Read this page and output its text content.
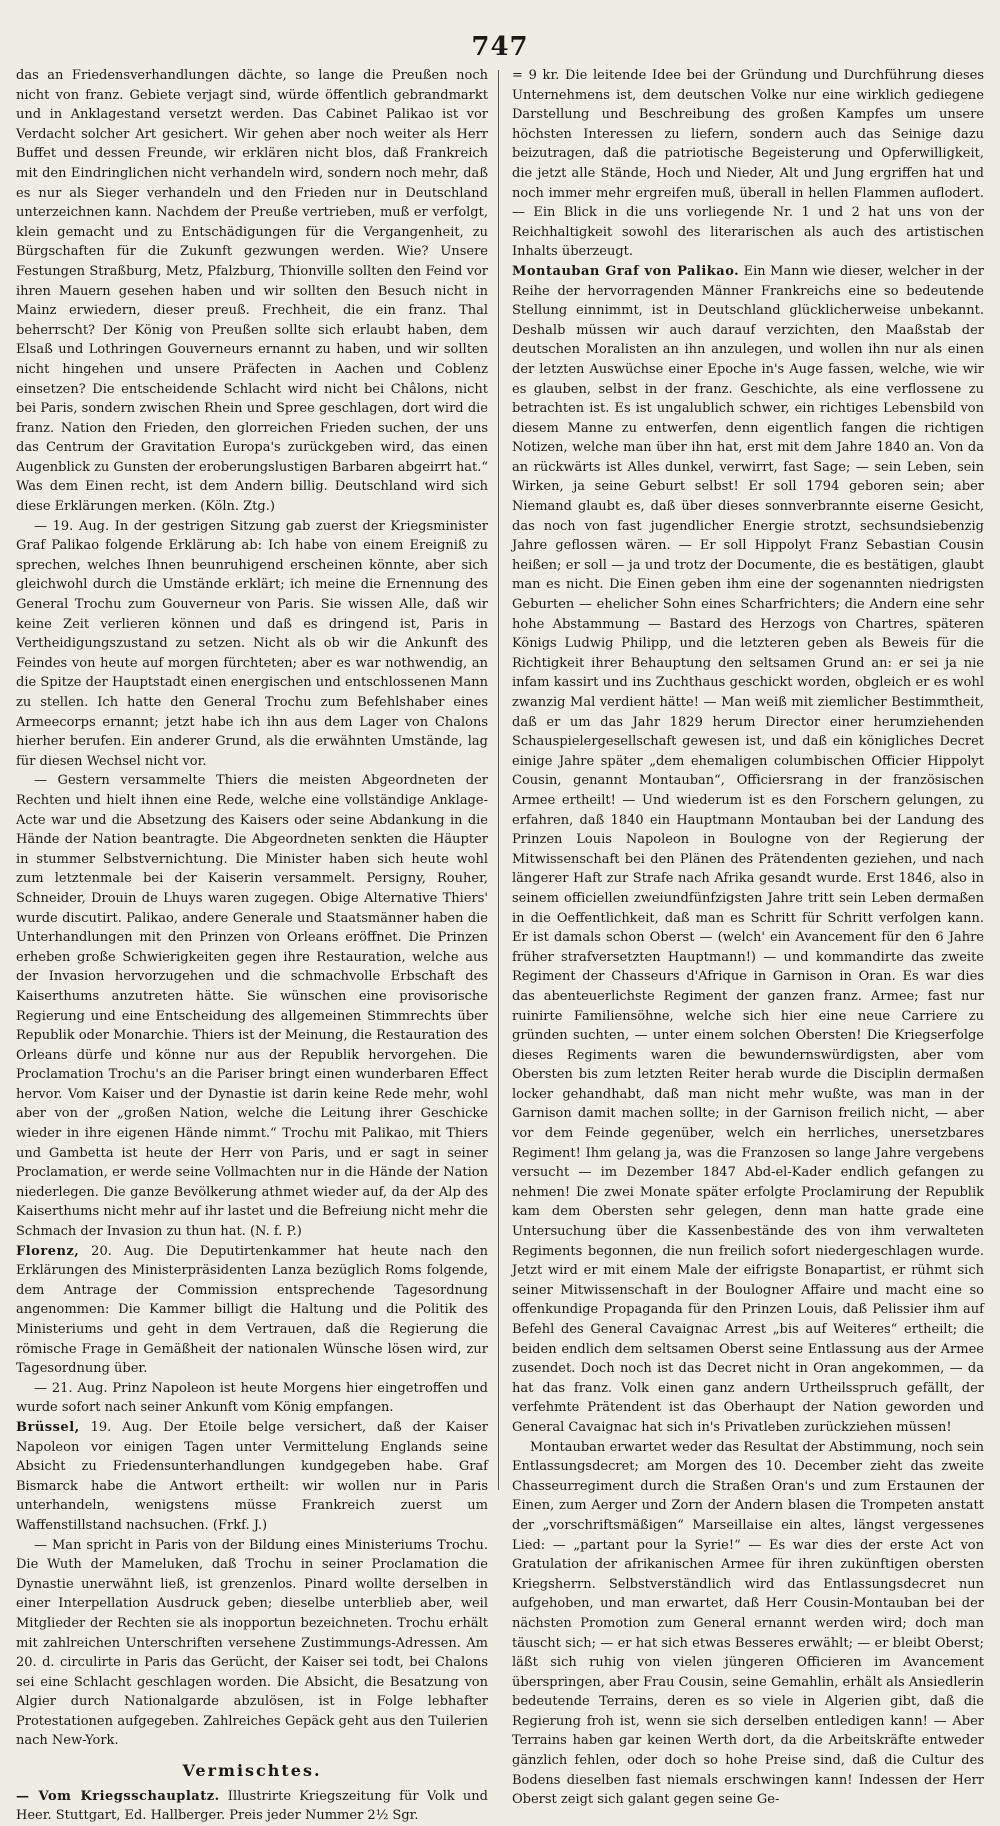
747

das an Friedensverhandlungen dächte, so lange die Preußen noch nicht von franz. Gebiete verjagt sind, würde öffentlich gebrandmarkt und in Anklagestand versetzt werden. Das Cabinet Palikao ist vor Verdacht solcher Art gesichert. Wir gehen aber noch weiter als Herr Buffet und dessen Freunde, wir erklären nicht blos, daß Frankreich mit den Eindringlichen nicht verhandeln wird, sondern noch mehr, daß es nur als Sieger verhandeln und den Frieden nur in Deutschland unterzeichnen kann. Nachdem der Preuße vertrieben, muß er verfolgt, klein gemacht und zu Entschädigungen für die Vergangenheit, zu Bürgschaften für die Zukunft gezwungen werden. Wie? Unsere Festungen Straßburg, Metz, Pfalzburg, Thionville sollten den Feind vor ihren Mauern gesehen haben und wir sollten den Besuch nicht in Mainz erwiedern, dieser preuß. Frechheit, die ein franz. Thal beherrscht? Der König von Preußen sollte sich erlaubt haben, dem Elsaß und Lothringen Gouverneurs ernannt zu haben, und wir sollten nicht hingehen und unsere Präfecten in Aachen und Coblenz einsetzen? Die entscheidende Schlacht wird nicht bei Châlons, nicht bei Paris, sondern zwischen Rhein und Spree geschlagen, dort wird die franz. Nation den Frieden, den glorreichen Frieden suchen, der uns das Centrum der Gravitation Europa's zurückgeben wird, das einen Augenblick zu Gunsten der eroberungslustigen Barbaren abgeirrt hat.“ Was dem Einen recht, ist dem Andern billig. Deutschland wird sich diese Erklärungen merken. (Köln. Ztg.)

— 19. Aug. In der gestrigen Sitzung gab zuerst der Kriegsminister Graf Palikao folgende Erklärung ab: Ich habe von einem Ereigniß zu sprechen, welches Ihnen beunruhigend erscheinen könnte, aber sich gleichwohl durch die Umstände erklärt; ich meine die Ernennung des General Trochu zum Gouverneur von Paris. Sie wissen Alle, daß wir keine Zeit verlieren können und daß es dringend ist, Paris in Vertheidigungszustand zu setzen. Nicht als ob wir die Ankunft des Feindes von heute auf morgen fürchteten; aber es war nothwendig, an die Spitze der Hauptstadt einen energischen und entschlossenen Mann zu stellen. Ich hatte den General Trochu zum Befehlshaber eines Armeecorps ernannt; jetzt habe ich ihn aus dem Lager von Chalons hierher berufen. Ein anderer Grund, als die erwähnten Umstände, lag für diesen Wechsel nicht vor.

— Gestern versammelte Thiers die meisten Abgeordneten der Rechten und hielt ihnen eine Rede, welche eine vollständige Anklage-Acte war und die Absetzung des Kaisers oder seine Abdankung in die Hände der Nation beantragte. Die Abgeordneten senkten die Häupter in stummer Selbstvernichtung. Die Minister haben sich heute wohl zum letztenmale bei der Kaiserin versammelt. Persigny, Rouher, Schneider, Drouin de Lhuys waren zugegen. Obige Alternative Thiers' wurde discutirt. Palikao, andere Generale und Staatsmänner haben die Unterhandlungen mit den Prinzen von Orleans eröffnet. Die Prinzen erheben große Schwierigkeiten gegen ihre Restauration, welche aus der Invasion hervorzugehen und die schmachvolle Erbschaft des Kaiserthums anzutreten hätte. Sie wünschen eine provisorische Regierung und eine Entscheidung des allgemeinen Stimmrechts über Republik oder Monarchie. Thiers ist der Meinung, die Restauration des Orleans dürfe und könne nur aus der Republik hervorgehen. Die Proclamation Trochu's an die Pariser bringt einen wunderbaren Effect hervor. Vom Kaiser und der Dynastie ist darin keine Rede mehr, wohl aber von der „großen Nation, welche die Leitung ihrer Geschicke wieder in ihre eigenen Hände nimmt.“ Trochu mit Palikao, mit Thiers und Gambetta ist heute der Herr von Paris, und er sagt in seiner Proclamation, er werde seine Vollmachten nur in die Hände der Nation niederlegen. Die ganze Bevölkerung athmet wieder auf, da der Alp des Kaiserthums nicht mehr auf ihr lastet und die Befreiung nicht mehr die Schmach der Invasion zu thun hat. (N. f. P.)

Florenz, 20. Aug. Die Deputirtenkammer hat heute nach den Erklärungen des Ministerpräsidenten Lanza bezüglich Roms folgende, dem Antrage der Commission entsprechende Tagesordnung angenommen: Die Kammer billigt die Haltung und die Politik des Ministeriums und geht in dem Vertrauen, daß die Regierung die römische Frage in Gemäßheit der nationalen Wünsche lösen wird, zur Tagesordnung über.

— 21. Aug. Prinz Napoleon ist heute Morgens hier eingetroffen und wurde sofort nach seiner Ankunft vom König empfangen.

Brüssel, 19. Aug. Der Etoile belge versichert, daß der Kaiser Napoleon vor einigen Tagen unter Vermittelung Englands seine Absicht zu Friedensunterhandlungen kundgegeben habe. Graf Bismarck habe die Antwort ertheilt: wir wollen nur in Paris unterhandeln, wenigstens müsse Frankreich zuerst um Waffenstillstand nachsuchen. (Frkf. J.)

— Man spricht in Paris von der Bildung eines Ministeriums Trochu. Die Wuth der Mameluken, daß Trochu in seiner Proclamation die Dynastie unerwähnt ließ, ist grenzenlos. Pinard wollte derselben in einer Interpellation Ausdruck geben; dieselbe unterblieb aber, weil Mitglieder der Rechten sie als inopportun bezeichneten. Trochu erhält mit zahlreichen Unterschriften versehene Zustimmungs-Adressen. Am 20. d. circulirte in Paris das Gerücht, der Kaiser sei todt, bei Chalons sei eine Schlacht geschlagen worden. Die Absicht, die Besatzung von Algier durch Nationalgarde abzulösen, ist in Folge lebhafter Protestationen aufgegeben. Zahlreiches Gepäck geht aus den Tuilerien nach New-York.

Vermischtes.

— Vom Kriegsschauplatz. Illustrirte Kriegszeitung für Volk und Heer. Stuttgart, Ed. Hallberger. Preis jeder Nummer 2½ Sgr.

= 9 kr. Die leitende Idee bei der Gründung und Durchführung dieses Unternehmens ist, dem deutschen Volke nur eine wirklich gediegene Darstellung und Beschreibung des großen Kampfes um unsere höchsten Interessen zu liefern, sondern auch das Seinige dazu beizutragen, daß die patriotische Begeisterung und Opferwilligkeit, die jetzt alle Stände, Hoch und Nieder, Alt und Jung ergriffen hat und noch immer mehr ergreifen muß, überall in hellen Flammen auflodert. — Ein Blick in die uns vorliegende Nr. 1 und 2 hat uns von der Reichhaltigkeit sowohl des literarischen als auch des artistischen Inhalts überzeugt.

Montauban Graf von Palikao. Ein Mann wie dieser, welcher in der Reihe der hervorragenden Männer Frankreichs eine so bedeutende Stellung einnimmt, ist in Deutschland glücklicherweise unbekannt. Deshalb müssen wir auch darauf verzichten, den Maaßstab der deutschen Moralisten an ihn anzulegen, und wollen ihn nur als einen der letzten Auswüchse einer Epoche in's Auge fassen, welche, wie wir es glauben, selbst in der franz. Geschichte, als eine verflossene zu betrachten ist. Es ist ungalublich schwer, ein richtiges Lebensbild von diesem Manne zu entwerfen, denn eigentlich fangen die richtigen Notizen, welche man über ihn hat, erst mit dem Jahre 1840 an. Von da an rückwärts ist Alles dunkel, verwirrt, fast Sage; — sein Leben, sein Wirken, ja seine Geburt selbst! Er soll 1794 geboren sein; aber Niemand glaubt es, daß über dieses sonnverbrannte eiserne Gesicht, das noch von fast jugendlicher Energie strotzt, sechsundsiebenzig Jahre geflossen wären. — Er soll Hippolyt Franz Sebastian Cousin heißen; er soll — ja und trotz der Documente, die es bestätigen, glaubt man es nicht. Die Einen geben ihm eine der sogenannten niedrigsten Geburten — ehelicher Sohn eines Scharfrichters; die Andern eine sehr hohe Abstammung — Bastard des Herzogs von Chartres, späteren Königs Ludwig Philipp, und die letzteren geben als Beweis für die Richtigkeit ihrer Behauptung den seltsamen Grund an: er sei ja nie infam kassirt und ins Zuchthaus geschickt worden, obgleich er es wohl zwanzig Mal verdient hätte! — Man weiß mit ziemlicher Bestimmtheit, daß er um das Jahr 1829 herum Director einer herumziehenden Schauspielergesellschaft gewesen ist, und daß ein königliches Decret einige Jahre später „dem ehemaligen columbischen Officier Hippolyt Cousin, genannt Montauban“, Officiersrang in der französischen Armee ertheilt! — Und wiederum ist es den Forschern gelungen, zu erfahren, daß 1840 ein Hauptmann Montauban bei der Landung des Prinzen Louis Napoleon in Boulogne von der Regierung der Mitwissenschaft bei den Plänen des Prätendenten geziehen, und nach längerer Haft zur Strafe nach Afrika gesandt wurde. Erst 1846, also in seinem officiellen zweiundfünfzigsten Jahre tritt sein Leben dermaßen in die Oeffentlichkeit, daß man es Schritt für Schritt verfolgen kann. Er ist damals schon Oberst — (welch' ein Avancement für den 6 Jahre früher strafversetzten Hauptmann!) — und kommandirte das zweite Regiment der Chasseurs d'Afrique in Garnison in Oran. Es war dies das abenteuerlichste Regiment der ganzen franz. Armee; fast nur ruinirte Familiensöhne, welche sich hier eine neue Carriere zu gründen suchten, — unter einem solchen Obersten! Die Kriegserfolge dieses Regiments waren die bewundernswürdigsten, aber vom Obersten bis zum letzten Reiter herab wurde die Disciplin dermaßen locker gehandhabt, daß man nicht mehr wußte, was man in der Garnison damit machen sollte; in der Garnison freilich nicht, — aber vor dem Feinde gegenüber, welch ein herrliches, unersetzbares Regiment! Ihm gelang ja, was die Franzosen so lange Jahre vergebens versucht — im Dezember 1847 Abd-el-Kader endlich gefangen zu nehmen! Die zwei Monate später erfolgte Proclamirung der Republik kam dem Obersten sehr gelegen, denn man hatte grade eine Untersuchung über die Kassenbestände des von ihm verwalteten Regiments begonnen, die nun freilich sofort niedergeschlagen wurde. Jetzt wird er mit einem Male der eifrigste Bonapartist, er rühmt sich seiner Mitwissenschaft in der Boulogner Affaire und macht eine so offenkundige Propaganda für den Prinzen Louis, daß Pelissier ihm auf Befehl des General Cavaignac Arrest „bis auf Weiteres“ ertheilt; die beiden endlich dem seltsamen Oberst seine Entlassung aus der Armee zusendet. Doch noch ist das Decret nicht in Oran angekommen, — da hat das franz. Volk einen ganz andern Urtheilsspruch gefällt, der verfehmte Prätendent ist das Oberhaupt der Nation geworden und General Cavaignac hat sich in's Privatleben zurückziehen müssen!

Montauban erwartet weder das Resultat der Abstimmung, noch sein Entlassungsdecret; am Morgen des 10. December zieht das zweite Chasseurregiment durch die Straßen Oran's und zum Erstaunen der Einen, zum Aerger und Zorn der Andern blasen die Trompeten anstatt der „vorschriftsmäßigen“ Marseillaise ein altes, längst vergessenes Lied: — „partant pour la Syrie!“ — Es war dies der erste Act von Gratulation der afrikanischen Armee für ihren zukünftigen obersten Kriegsherrn. Selbstverständlich wird das Entlassungsdecret nun aufgehoben, und man erwartet, daß Herr Cousin-Montauban bei der nächsten Promotion zum General ernannt werden wird; doch man täuscht sich; — er hat sich etwas Besseres erwählt; — er bleibt Oberst; läßt sich ruhig von vielen jüngeren Officieren im Avancement überspringen, aber Frau Cousin, seine Gemahlin, erhält als Ansiedlerin bedeutende Terrains, deren es so viele in Algerien gibt, daß die Regierung froh ist, wenn sie sich derselben entledigen kann! — Aber Terrains haben gar keinen Werth dort, da die Arbeitskräfte entweder gänzlich fehlen, oder doch so hohe Preise sind, daß die Cultur des Bodens dieselben fast niemals erschwingen kann! Indessen der Herr Oberst zeigt sich galant gegen seine Ge-
